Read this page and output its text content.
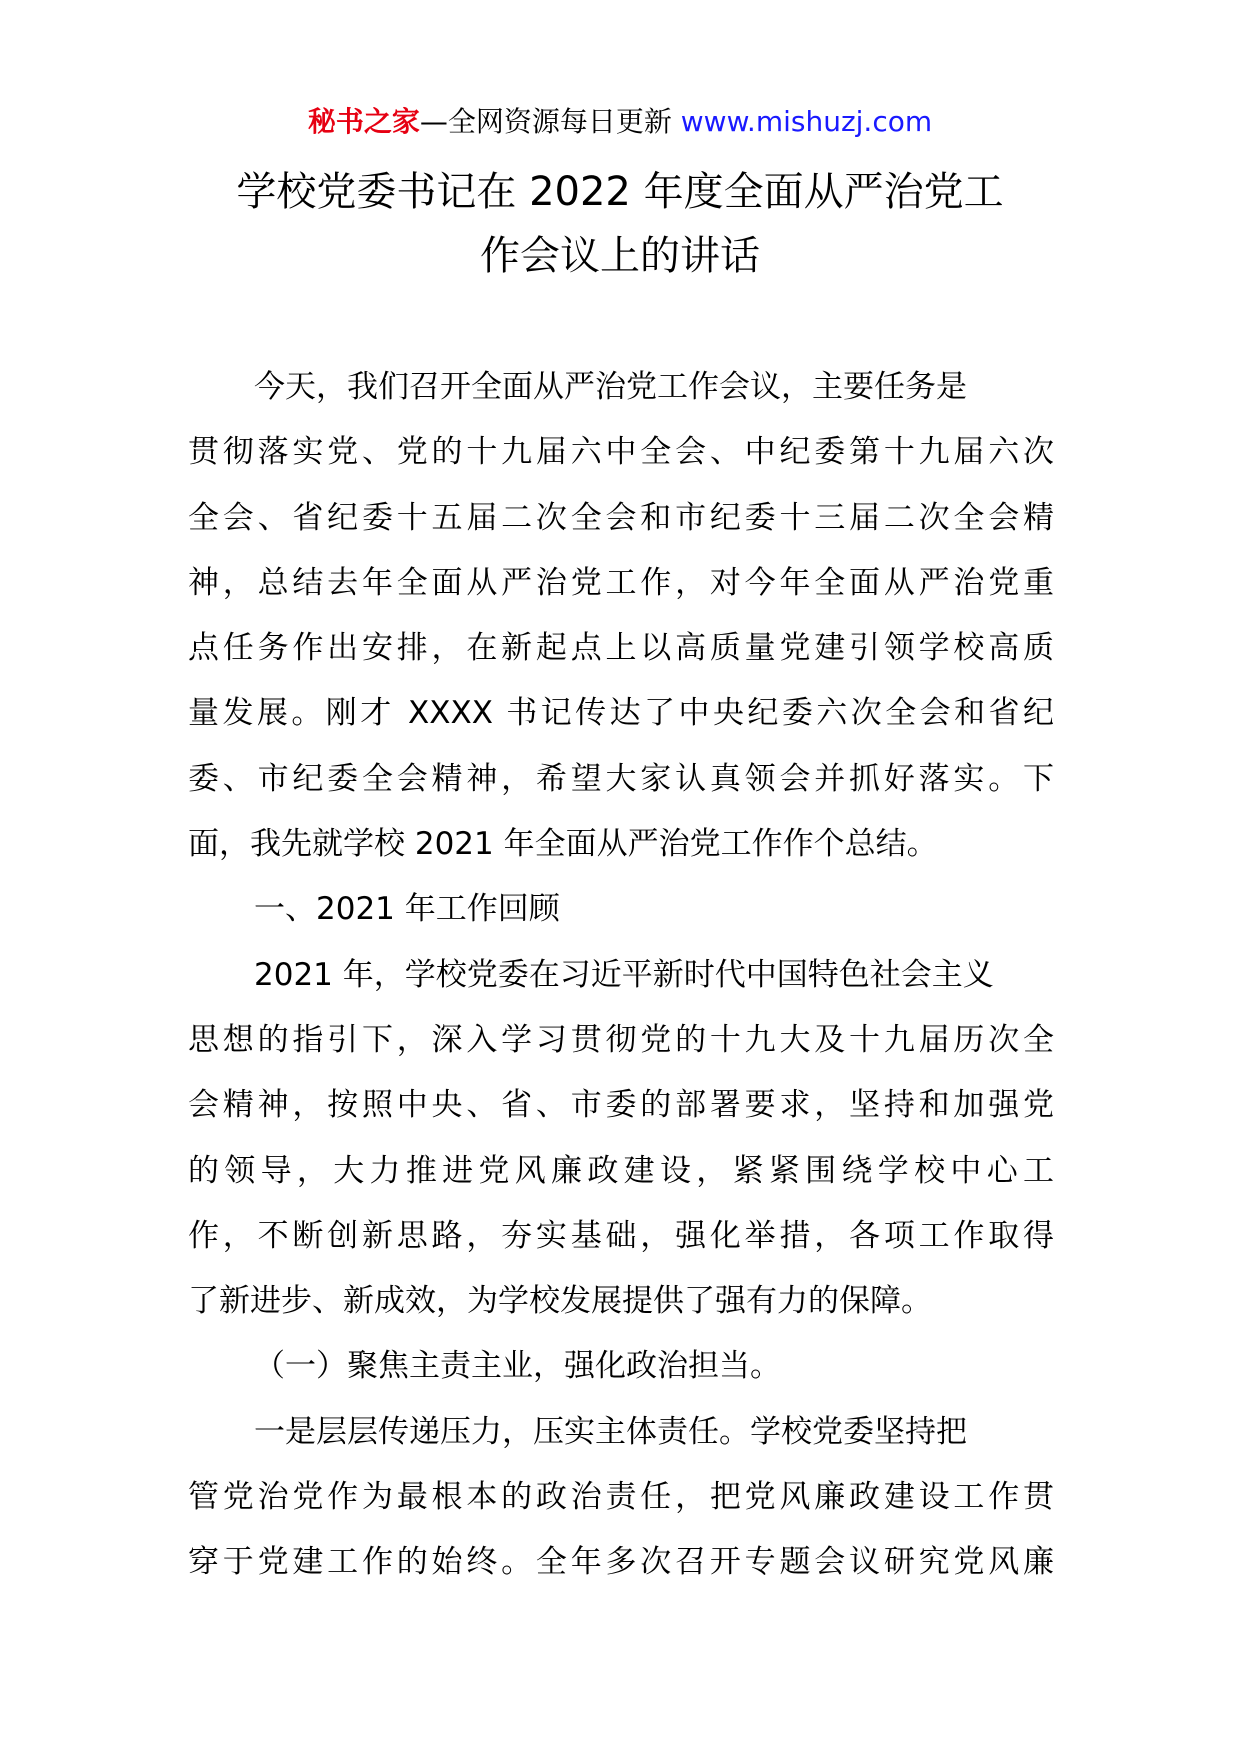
秘书之家—全网资源每日更新 www.mishuzj.com
学校党委书记在 2022 年度全面从严治党工
作会议上的讲话
今天，我们召开全面从严治党工作会议，主要任务是
贯彻落实党、党的十九届六中全会、中纪委第十九届六次
全会、省纪委十五届二次全会和市纪委十三届二次全会精
神，总结去年全面从严治党工作，对今年全面从严治党重
点任务作出安排，在新起点上以高质量党建引领学校高质
量发展。刚才 XXXX 书记传达了中央纪委六次全会和省纪
委、市纪委全会精神，希望大家认真领会并抓好落实。下
面，我先就学校 2021 年全面从严治党工作作个总结。
一、2021 年工作回顾
2021 年，学校党委在习近平新时代中国特色社会主义
思想的指引下，深入学习贯彻党的十九大及十九届历次全
会精神，按照中央、省、市委的部署要求，坚持和加强党
的领导，大力推进党风廉政建设，紧紧围绕学校中心工
作，不断创新思路，夯实基础，强化举措，各项工作取得
了新进步、新成效，为学校发展提供了强有力的保障。
（一）聚焦主责主业，强化政治担当。
一是层层传递压力，压实主体责任。学校党委坚持把
管党治党作为最根本的政治责任，把党风廉政建设工作贯
穿于党建工作的始终。全年多次召开专题会议研究党风廉
